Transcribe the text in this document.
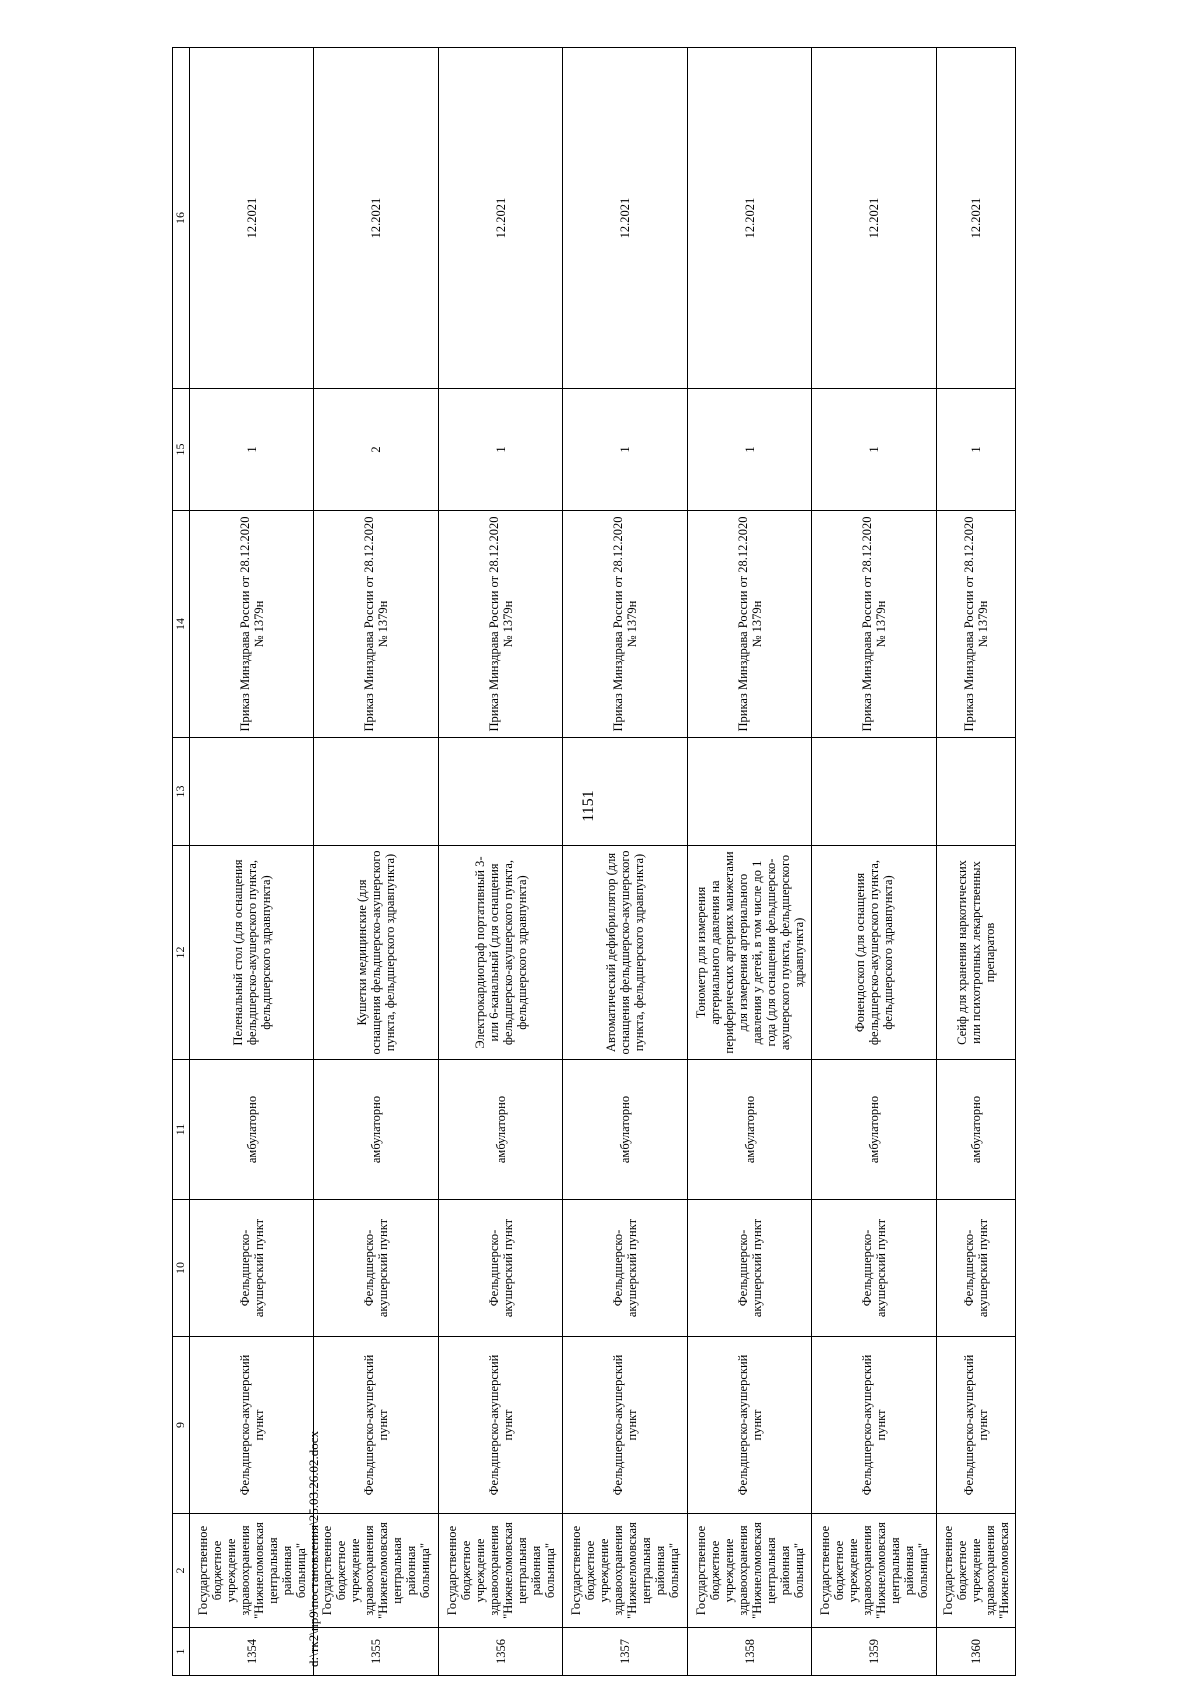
1151
1	2	9	10	11	12	13	14	15	16
1354	Государственное бюджетное учреждение здравоохранения "Нижнеломовская центральная районная больница"	Фельдшерско-акушерский пункт	Фельдшерско-акушерский пункт	амбулаторно	Пеленальный стол (для оснащения фельдшерско-акушерского пункта, фельдшерского здравпункта)		Приказ Минздрава России от 28.12.2020 № 1379н	1	12.2021
1355	Государственное бюджетное учреждение здравоохранения "Нижнеломовская центральная районная больница"	Фельдшерско-акушерский пункт	Фельдшерско-акушерский пункт	амбулаторно	Кушетки медицинские (для оснащения фельдшерско-акушерского пункта, фельдшерского здравпункта)		Приказ Минздрава России от 28.12.2020 № 1379н	2	12.2021
1356	Государственное бюджетное учреждение здравоохранения "Нижнеломовская центральная районная больница"	Фельдшерско-акушерский пункт	Фельдшерско-акушерский пункт	амбулаторно	Электрокардиограф портативный 3- или 6-канальный (для оснащения фельдшерско-акушерского пункта, фельдшерского здравпункта)		Приказ Минздрава России от 28.12.2020 № 1379н	1	12.2021
1357	Государственное бюджетное учреждение здравоохранения "Нижнеломовская центральная районная больница"	Фельдшерско-акушерский пункт	Фельдшерско-акушерский пункт	амбулаторно	Автоматический дефибриллятор (для оснащения фельдшерско-акушерского пункта, фельдшерского здравпункта)		Приказ Минздрава России от 28.12.2020 № 1379н	1	12.2021
1358	Государственное бюджетное учреждение здравоохранения "Нижнеломовская центральная районная больница"	Фельдшерско-акушерский пункт	Фельдшерско-акушерский пункт	амбулаторно	Тонометр для измерения артериального давления на периферических артериях манжетами для измерения артериального давления у детей, в том числе до 1 года (для оснащения фельдшерско-акушерского пункта, фельдшерского здравпункта)		Приказ Минздрава России от 28.12.2020 № 1379н	1	12.2021
1359	Государственное бюджетное учреждение здравоохранения "Нижнеломовская центральная районная больница"	Фельдшерско-акушерский пункт	Фельдшерско-акушерский пункт	амбулаторно	Фонендоскоп (для оснащения фельдшерско-акушерского пункта, фельдшерского здравпункта)		Приказ Минздрава России от 28.12.2020 № 1379н	1	12.2021
1360	Государственное бюджетное учреждение здравоохранения "Нижнеломовская	Фельдшерско-акушерский пункт	Фельдшерско-акушерский пункт	амбулаторно	Сейф для хранения наркотических или психотропных лекарственных препаратов		Приказ Минздрава России от 28.12.2020 № 1379н	1	12.2021
d:\тк2\пр9\постановления\25.03.26.02.docx
